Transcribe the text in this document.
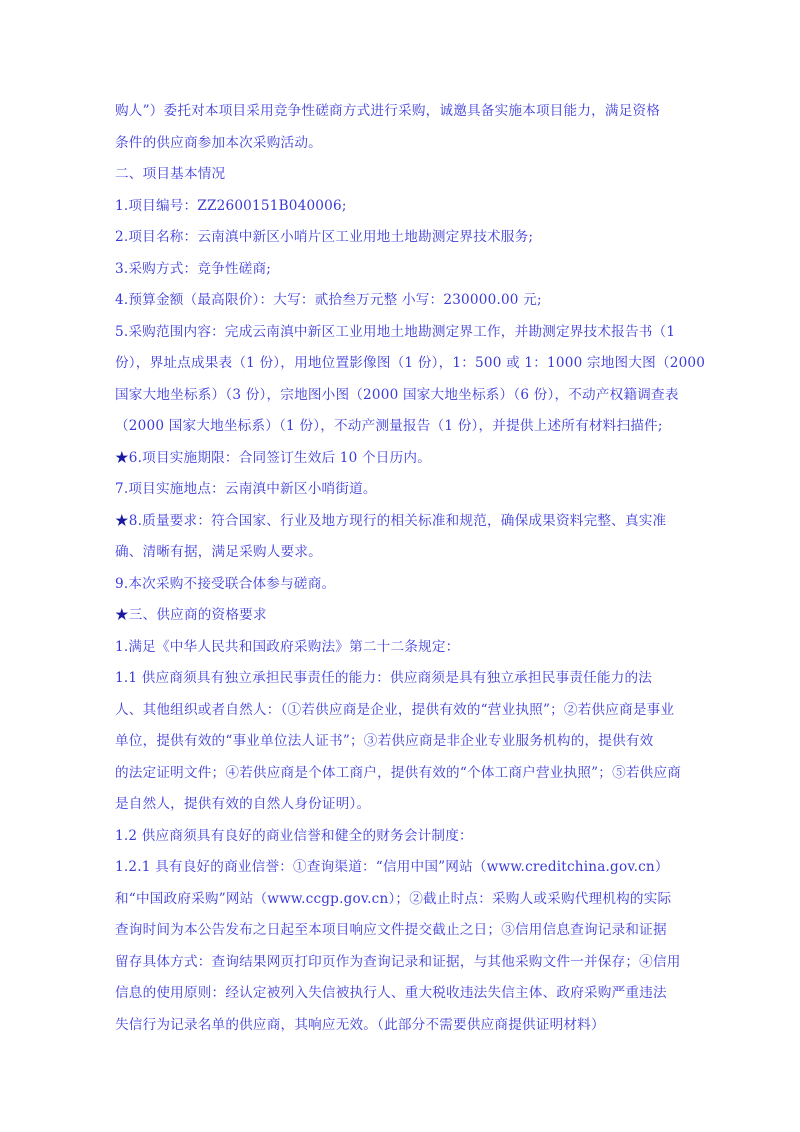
购人”）委托对本项目采用竞争性磋商方式进行采购，诚邀具备实施本项目能力，满足资格
条件的供应商参加本次采购活动。
二、项目基本情况
1.项目编号：ZZ2600151B040006;
2.项目名称：云南滇中新区小哨片区工业用地土地勘测定界技术服务;
3.采购方式：竞争性磋商;
4.预算金额（最高限价）：大写：贰拾叁万元整 小写：230000.00 元;
5.采购范围内容：完成云南滇中新区工业用地土地勘测定界工作，并勘测定界技术报告书（1
份），界址点成果表（1 份），用地位置影像图（1 份），1：500 或 1：1000 宗地图大图（2000
国家大地坐标系）（3 份），宗地图小图（2000 国家大地坐标系）（6 份），不动产权籍调查表
（2000 国家大地坐标系）（1 份），不动产测量报告（1 份），并提供上述所有材料扫描件;
★6.项目实施期限：合同签订生效后 10 个日历内。
7.项目实施地点：云南滇中新区小哨街道。
★8.质量要求：符合国家、行业及地方现行的相关标准和规范，确保成果资料完整、真实准
确、清晰有据，满足采购人要求。
9.本次采购不接受联合体参与磋商。
★三、供应商的资格要求
1.满足《中华人民共和国政府采购法》第二十二条规定：
1.1 供应商须具有独立承担民事责任的能力：供应商须是具有独立承担民事责任能力的法
人、其他组织或者自然人：（①若供应商是企业，提供有效的“营业执照”；②若供应商是事业
单位，提供有效的“事业单位法人证书”；③若供应商是非企业专业服务机构的，提供有效
的法定证明文件；④若供应商是个体工商户，提供有效的“个体工商户营业执照”；⑤若供应商
是自然人，提供有效的自然人身份证明）。
1.2 供应商须具有良好的商业信誉和健全的财务会计制度：
1.2.1 具有良好的商业信誉：①查询渠道：“信用中国”网站（www.creditchina.gov.cn）
和“中国政府采购”网站（www.ccgp.gov.cn）；②截止时点：采购人或采购代理机构的实际
查询时间为本公告发布之日起至本项目响应文件提交截止之日；③信用信息查询记录和证据
留存具体方式：查询结果网页打印页作为查询记录和证据，与其他采购文件一并保存；④信用
信息的使用原则：经认定被列入失信被执行人、重大税收违法失信主体、政府采购严重违法
失信行为记录名单的供应商，其响应无效。（此部分不需要供应商提供证明材料）
